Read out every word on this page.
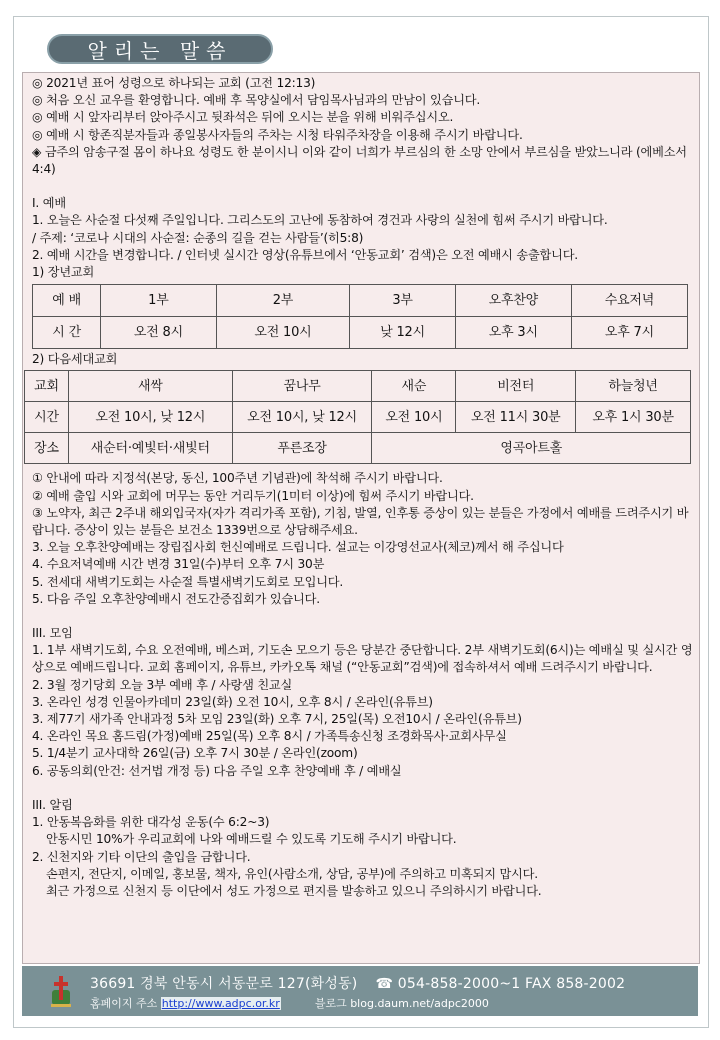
알리는 말씀

◎ 2021년 표어 성령으로 하나되는 교회 (고전 12:13)

◎ 처음 오신 교우를 환영합니다. 예배 후 목양실에서 담임목사님과의 만남이 있습니다.

◎ 예배 시 앞자리부터 앉아주시고 뒷좌석은 뒤에 오시는 분을 위해 비워주십시오.

◎ 예배 시 항존직분자들과 종일봉사자들의 주차는 시청 타워주차장을 이용해 주시기 바랍니다.

◈ 금주의 암송구절 몸이 하나요 성령도 한 분이시니 이와 같이 너희가 부르심의 한 소망 안에서 부르심을 받았느니라 (에베소서 4:4)

I. 예배

1. 오늘은 사순절 다섯째 주일입니다. 그리스도의 고난에 동참하여 경건과 사랑의 실천에 힘써 주시기 바랍니다.

/ 주제: ‘코로나 시대의 사순절: 순종의 길을 걷는 사람들’(히5:8)

2. 예배 시간을 변경합니다. / 인터넷 실시간 영상(유튜브에서 ‘안동교회’ 검색)은 오전 예배시 송출합니다.

1) 장년교회

예 배	1부	2부	3부	오후찬양	수요저녁
시 간	오전 8시	오전 10시	낮 12시	오후 3시	오후 7시

2) 다음세대교회

교회	새싹	꿈나무	새순	비전터	하늘청년
시간	오전 10시, 낮 12시	오전 10시, 낮 12시	오전 10시	오전 11시 30분	오후 1시 30분
장소	새순터·예빛터·새빛터	푸른조장	영곡아트홀		

① 안내에 따라 지정석(본당, 동신, 100주년 기념관)에 착석해 주시기 바랍니다.

② 예배 출입 시와 교회에 머무는 동안 거리두기(1미터 이상)에 힘써 주시기 바랍니다.

③ 노약자, 최근 2주내 해외입국자(자가 격리가족 포함), 기침, 발열, 인후통 증상이 있는 분들은 가정에서 예배를 드려주시기 바랍니다. 증상이 있는 분들은 보건소 1339번으로 상담해주세요.

3. 오늘 오후찬양예배는 장립집사회 헌신예배로 드립니다. 설교는 이강영선교사(체코)께서 해 주십니다

4. 수요저녁예배 시간 변경 31일(수)부터 오후 7시 30분

5. 전세대 새벽기도회는 사순절 특별새벽기도회로 모입니다.

5. 다음 주일 오후찬양예배시 전도간증집회가 있습니다.

III. 모임

1. 1부 새벽기도회, 수요 오전예배, 베스퍼, 기도손 모으기 등은 당분간 중단합니다. 2부 새벽기도회(6시)는 예배실 및 실시간 영상으로 예배드립니다. 교회 홈페이지, 유튜브, 카카오톡 채널 (“안동교회”검색)에 접속하셔서 예배 드려주시기 바랍니다.

2. 3월 정기당회 오늘 3부 예배 후 / 사랑샘 친교실

3. 온라인 성경 인물아카데미 23일(화) 오전 10시, 오후 8시 / 온라인(유튜브)

3. 제77기 새가족 안내과정 5차 모임 23일(화) 오후 7시, 25일(목) 오전10시 / 온라인(유튜브)

4. 온라인 목요 홈드림(가정)예배 25일(목) 오후 8시 / 가족특송신청 조경화목사·교회사무실

5. 1/4분기 교사대학 26일(금) 오후 7시 30분 / 온라인(zoom)

6. 공동의회(안건: 선거법 개정 등) 다음 주일 오후 찬양예배 후 / 예배실

III. 알림

1. 안동복음화를 위한 대각성 운동(수 6:2~3)

안동시민 10%가 우리교회에 나와 예배드릴 수 있도록 기도해 주시기 바랍니다.

2. 신천지와 기타 이단의 출입을 금합니다.

손편지, 전단지, 이메일, 홍보물, 책자, 유인(사람소개, 상담, 공부)에 주의하고 미혹되지 맙시다.

최근 가정으로 신천지 등 이단에서 성도 가정으로 편지를 발송하고 있으니 주의하시기 바랍니다.

36691 경북 안동시 서동문로 127(화성동) ☎ 054-858-2000~1 FAX 858-2002
홈페이지 주소 http://www.adpc.or.kr	블로그 blog.daum.net/adpc2000
